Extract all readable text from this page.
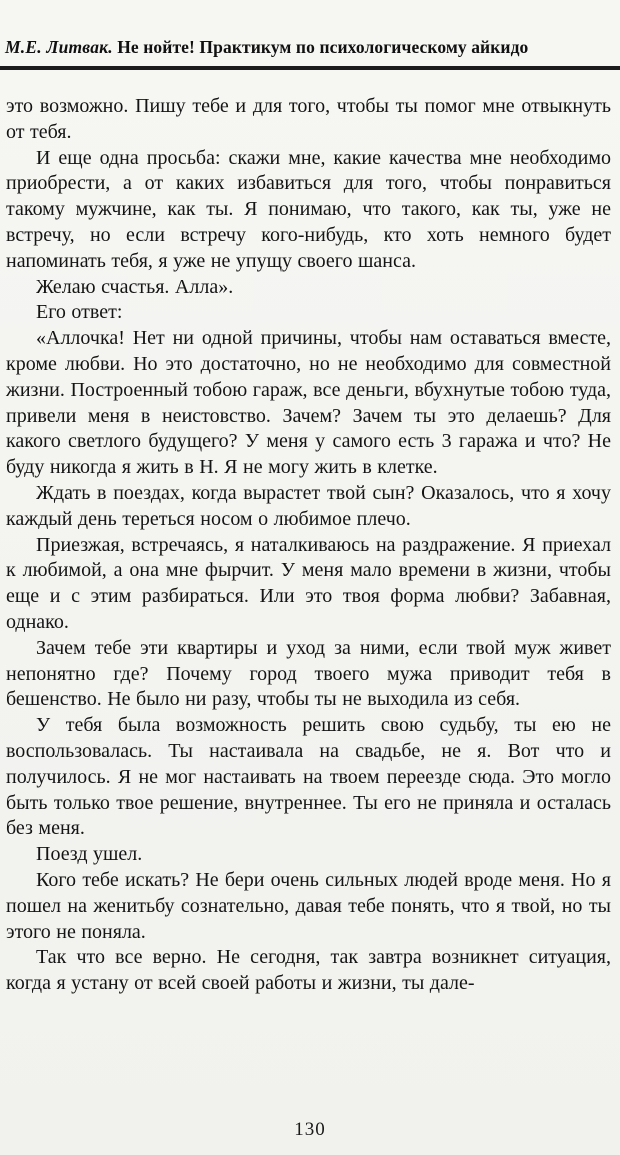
М.Е. Литвак. Не нойте! Практикум по психологическому айкидо

это возможно. Пишу тебе и для того, чтобы ты помог мне отвыкнуть от тебя.

И еще одна просьба: скажи мне, какие качества мне необходимо приобрести, а от каких избавиться для того, чтобы понравиться такому мужчине, как ты. Я понимаю, что такого, как ты, уже не встречу, но если встречу кого-нибудь, кто хоть немного будет напоминать тебя, я уже не упущу своего шанса.

Желаю счастья. Алла».

Его ответ:

«Аллочка! Нет ни одной причины, чтобы нам оставаться вместе, кроме любви. Но это достаточно, но не необходимо для совместной жизни. Построенный тобою гараж, все деньги, вбухнутые тобою туда, привели меня в неистовство. Зачем? Зачем ты это делаешь? Для какого светлого будущего? У меня у самого есть 3 гаража и что? Не буду никогда я жить в Н. Я не могу жить в клетке.

Ждать в поездах, когда вырастет твой сын? Оказалось, что я хочу каждый день тереться носом о любимое плечо.

Приезжая, встречаясь, я наталкиваюсь на раздражение. Я приехал к любимой, а она мне фырчит. У меня мало времени в жизни, чтобы еще и с этим разбираться. Или это твоя форма любви? Забавная, однако.

Зачем тебе эти квартиры и уход за ними, если твой муж живет непонятно где? Почему город твоего мужа приводит тебя в бешенство. Не было ни разу, чтобы ты не выходила из себя.

У тебя была возможность решить свою судьбу, ты ею не воспользовалась. Ты настаивала на свадьбе, не я. Вот что и получилось. Я не мог настаивать на твоем переезде сюда. Это могло быть только твое решение, внутреннее. Ты его не приняла и осталась без меня.

Поезд ушел.

Кого тебе искать? Не бери очень сильных людей вроде меня. Но я пошел на женитьбу сознательно, давая тебе понять, что я твой, но ты этого не поняла.

Так что все верно. Не сегодня, так завтра возникнет ситуация, когда я устану от всей своей работы и жизни, ты дале-

130
